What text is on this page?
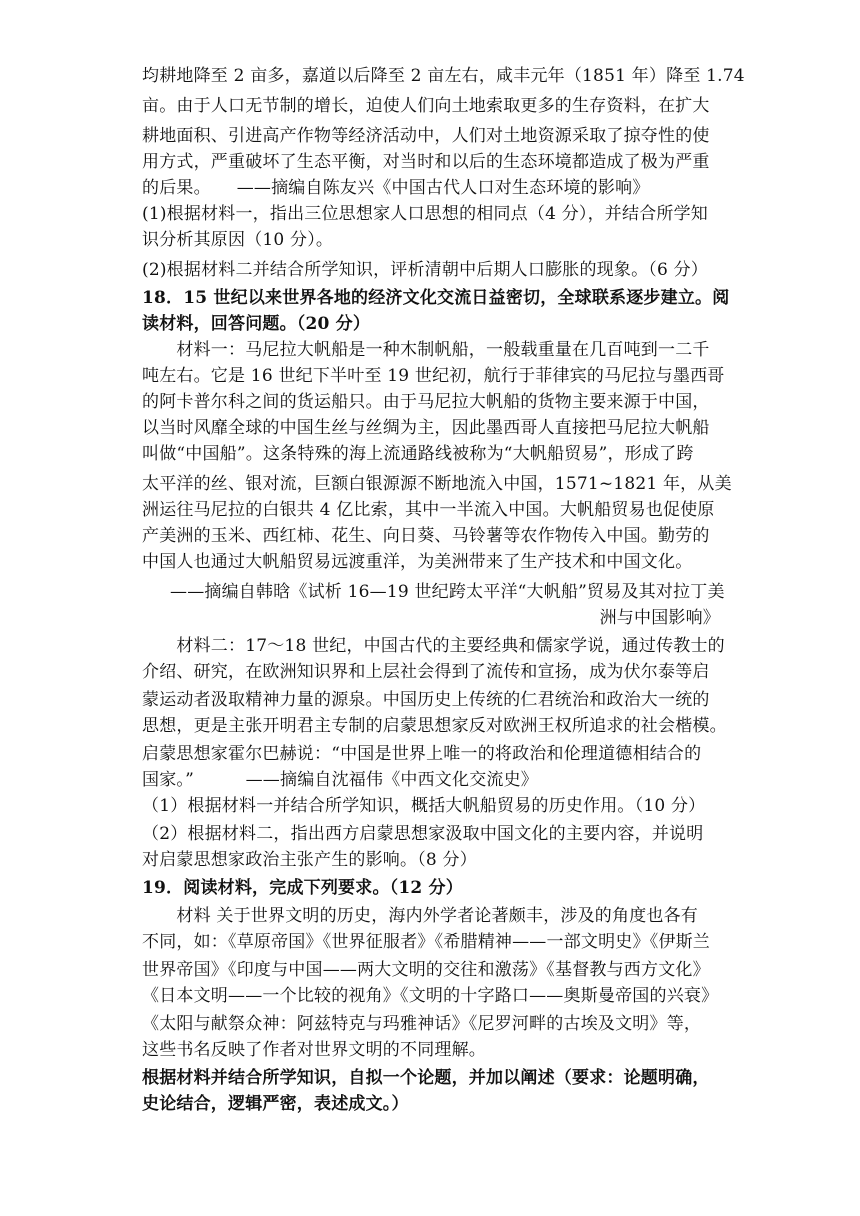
均耕地降至 2 亩多，嘉道以后降至 2 亩左右，咸丰元年（1851 年）降至 1.74
亩。由于人口无节制的增长，迫使人们向土地索取更多的生存资料，在扩大
耕地面积、引进高产作物等经济活动中，人们对土地资源采取了掠夺性的使
用方式，严重破坏了生态平衡，对当时和以后的生态环境都造成了极为严重
的后果。　　——摘编自陈友兴《中国古代人口对生态环境的影响》
(1)根据材料一，指出三位思想家人口思想的相同点（4 分），并结合所学知
识分析其原因（10 分）。
(2)根据材料二并结合所学知识，评析清朝中后期人口膨胀的现象。（6 分）
18．15 世纪以来世界各地的经济文化交流日益密切，全球联系逐步建立。阅
读材料，回答问题。（20 分）
　　材料一：马尼拉大帆船是一种木制帆船，一般载重量在几百吨到一二千
吨左右。它是 16 世纪下半叶至 19 世纪初，航行于菲律宾的马尼拉与墨西哥
的阿卡普尔科之间的货运船只。由于马尼拉大帆船的货物主要来源于中国，
以当时风靡全球的中国生丝与丝绸为主，因此墨西哥人直接把马尼拉大帆船
叫做“中国船”。这条特殊的海上流通路线被称为“大帆船贸易”，形成了跨
太平洋的丝、银对流，巨额白银源源不断地流入中国，1571~1821 年，从美
洲运往马尼拉的白银共 4 亿比索，其中一半流入中国。大帆船贸易也促使原
产美洲的玉米、西红柿、花生、向日葵、马铃薯等农作物传入中国。勤劳的
中国人也通过大帆船贸易远渡重洋，为美洲带来了生产技术和中国文化。
——摘编自韩晗《试析 16—19 世纪跨太平洋“大帆船”贸易及其对拉丁美
洲与中国影响》
　　材料二：17～18 世纪，中国古代的主要经典和儒家学说，通过传教士的
介绍、研究，在欧洲知识界和上层社会得到了流传和宣扬，成为伏尔泰等启
蒙运动者汲取精神力量的源泉。中国历史上传统的仁君统治和政治大一统的
思想，更是主张开明君主专制的启蒙思想家反对欧洲王权所追求的社会楷模。
启蒙思想家霍尔巴赫说：“中国是世界上唯一的将政治和伦理道德相结合的
国家。”　　　——摘编自沈福伟《中西文化交流史》
（1）根据材料一并结合所学知识，概括大帆船贸易的历史作用。（10 分）
（2）根据材料二，指出西方启蒙思想家汲取中国文化的主要内容，并说明
对启蒙思想家政治主张产生的影响。（8 分）
19．阅读材料，完成下列要求。（12 分）
　　材料 关于世界文明的历史，海内外学者论著颇丰，涉及的角度也各有
不同，如：《草原帝国》《世界征服者》《希腊精神——一部文明史》《伊斯兰
世界帝国》《印度与中国——两大文明的交往和激荡》《基督教与西方文化》
《日本文明——一个比较的视角》《文明的十字路口——奥斯曼帝国的兴衰》
《太阳与献祭众神：阿兹特克与玛雅神话》《尼罗河畔的古埃及文明》等，
这些书名反映了作者对世界文明的不同理解。
根据材料并结合所学知识，自拟一个论题，并加以阐述（要求：论题明确，
史论结合，逻辑严密，表述成文。）
